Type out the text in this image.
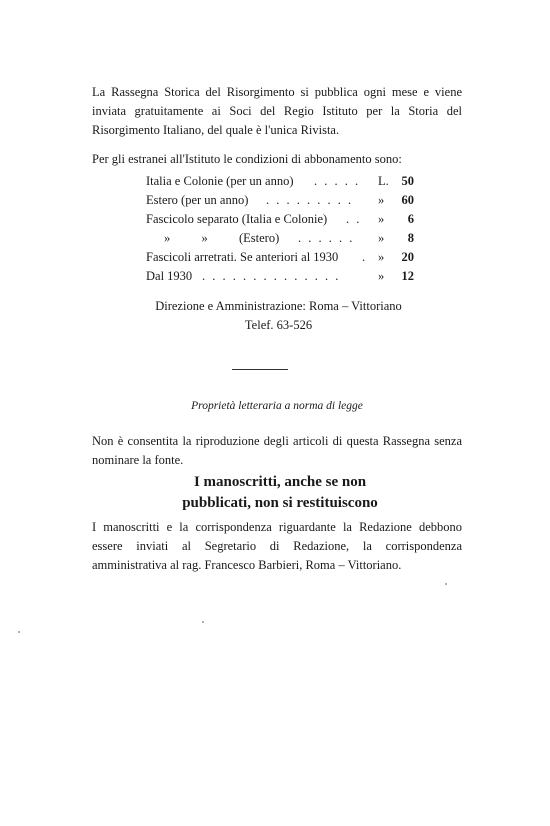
La Rassegna Storica del Risorgimento si pubblica ogni mese e viene inviata gratuitamente ai Soci del Regio Istituto per la Storia del Risorgimento Italiano, del quale è l'unica Rivista.
Per gli estranei all'Istituto le condizioni di abbonamento sono:
Italia e Colonie (per un anno) . . . . . L.	50
Estero (per un anno) . . . . . . . . . »	60
Fascicolo separato (Italia e Colonie) . . »	6
»          »          (Estero) . . . . . . »	8
Fascicoli arretrati. Se anteriori al 1930 . »	20
Dal 1930 . . . . . . . . . . . . . .	»	12
Direzione e Amministrazione: Roma – Vittoriano
Telef. 63-526
Proprietà letteraria a norma di legge
Non è consentita la riproduzione degli articoli di questa Rassegna senza nominare la fonte.
I manoscritti, anche se non pubblicati, non si restituiscono
I manoscritti e la corrispondenza riguardante la Redazione debbono essere inviati al Segretario di Redazione, la corrispondenza amministrativa al rag. Francesco Barbieri, Roma – Vittoriano.
